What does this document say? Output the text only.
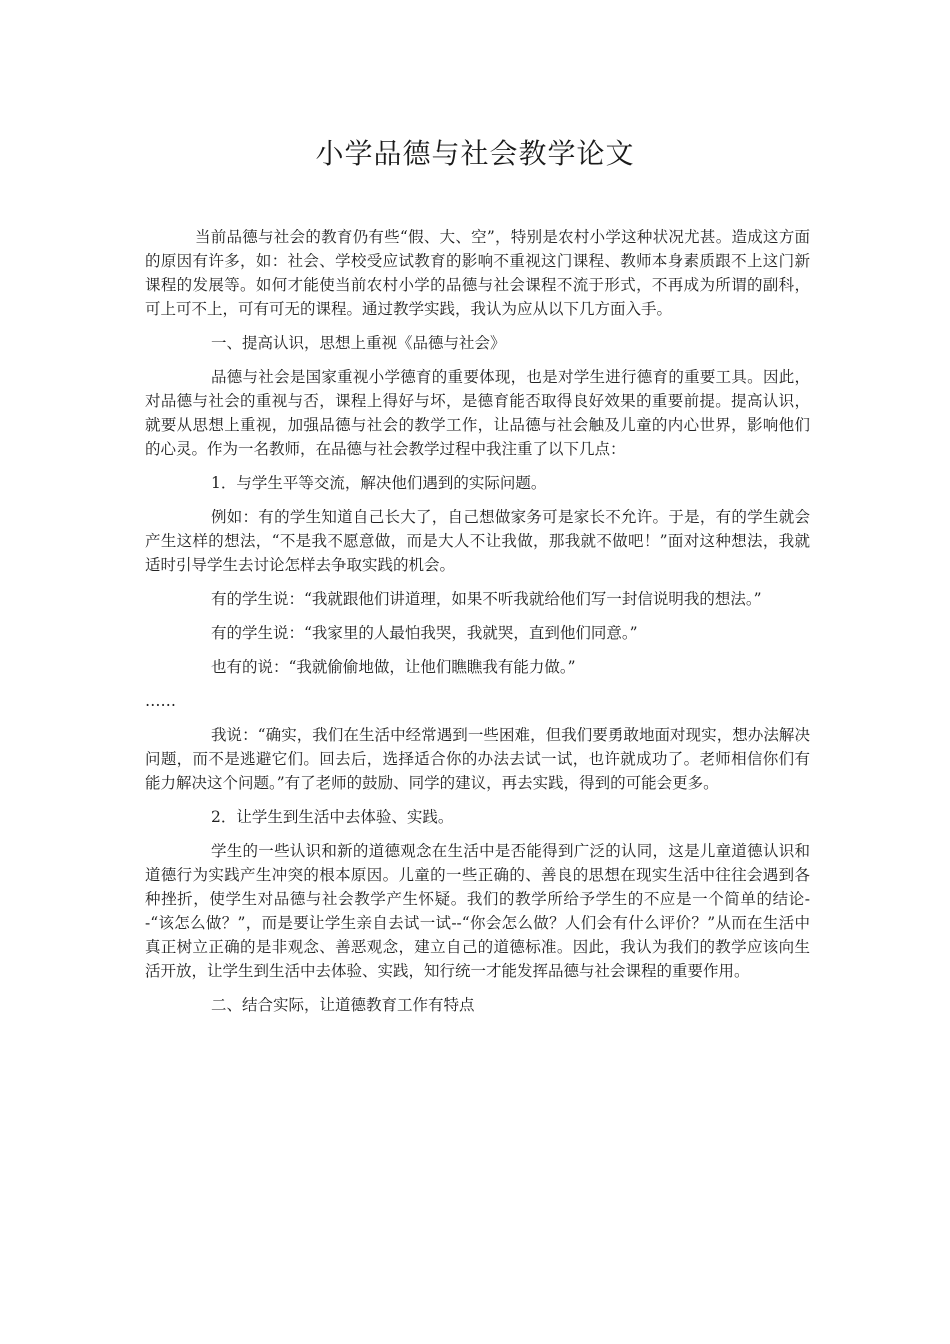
小学品德与社会教学论文

当前品德与社会的教育仍有些“假、大、空”，特别是农村小学这种状况尤甚。造成这方面的原因有许多，如：社会、学校受应试教育的影响不重视这门课程、教师本身素质跟不上这门新课程的发展等。如何才能使当前农村小学的品德与社会课程不流于形式，不再成为所谓的副科，可上可不上，可有可无的课程。通过教学实践，我认为应从以下几方面入手。

一、提高认识，思想上重视《品德与社会》

品德与社会是国家重视小学德育的重要体现，也是对学生进行德育的重要工具。因此，对品德与社会的重视与否，课程上得好与坏，是德育能否取得良好效果的重要前提。提高认识，就要从思想上重视，加强品德与社会的教学工作，让品德与社会触及儿童的内心世界，影响他们的心灵。作为一名教师，在品德与社会教学过程中我注重了以下几点：

1．与学生平等交流，解决他们遇到的实际问题。

例如：有的学生知道自己长大了，自己想做家务可是家长不允许。于是，有的学生就会产生这样的想法，“不是我不愿意做，而是大人不让我做，那我就不做吧！”面对这种想法，我就适时引导学生去讨论怎样去争取实践的机会。

有的学生说：“我就跟他们讲道理，如果不听我就给他们写一封信说明我的想法。”

有的学生说：“我家里的人最怕我哭，我就哭，直到他们同意。”

也有的说：“我就偷偷地做，让他们瞧瞧我有能力做。”

……

我说：“确实，我们在生活中经常遇到一些困难，但我们要勇敢地面对现实，想办法解决问题，而不是逃避它们。回去后，选择适合你的办法去试一试，也许就成功了。老师相信你们有能力解决这个问题。”有了老师的鼓励、同学的建议，再去实践，得到的可能会更多。

2．让学生到生活中去体验、实践。

学生的一些认识和新的道德观念在生活中是否能得到广泛的认同，这是儿童道德认识和道德行为实践产生冲突的根本原因。儿童的一些正确的、善良的思想在现实生活中往往会遇到各种挫折，使学生对品德与社会教学产生怀疑。我们的教学所给予学生的不应是一个简单的结论--“该怎么做？”，而是要让学生亲自去试一试--“你会怎么做？人们会有什么评价？”从而在生活中真正树立正确的是非观念、善恶观念，建立自己的道德标准。因此，我认为我们的教学应该向生活开放，让学生到生活中去体验、实践，知行统一才能发挥品德与社会课程的重要作用。

二、结合实际，让道德教育工作有特点
